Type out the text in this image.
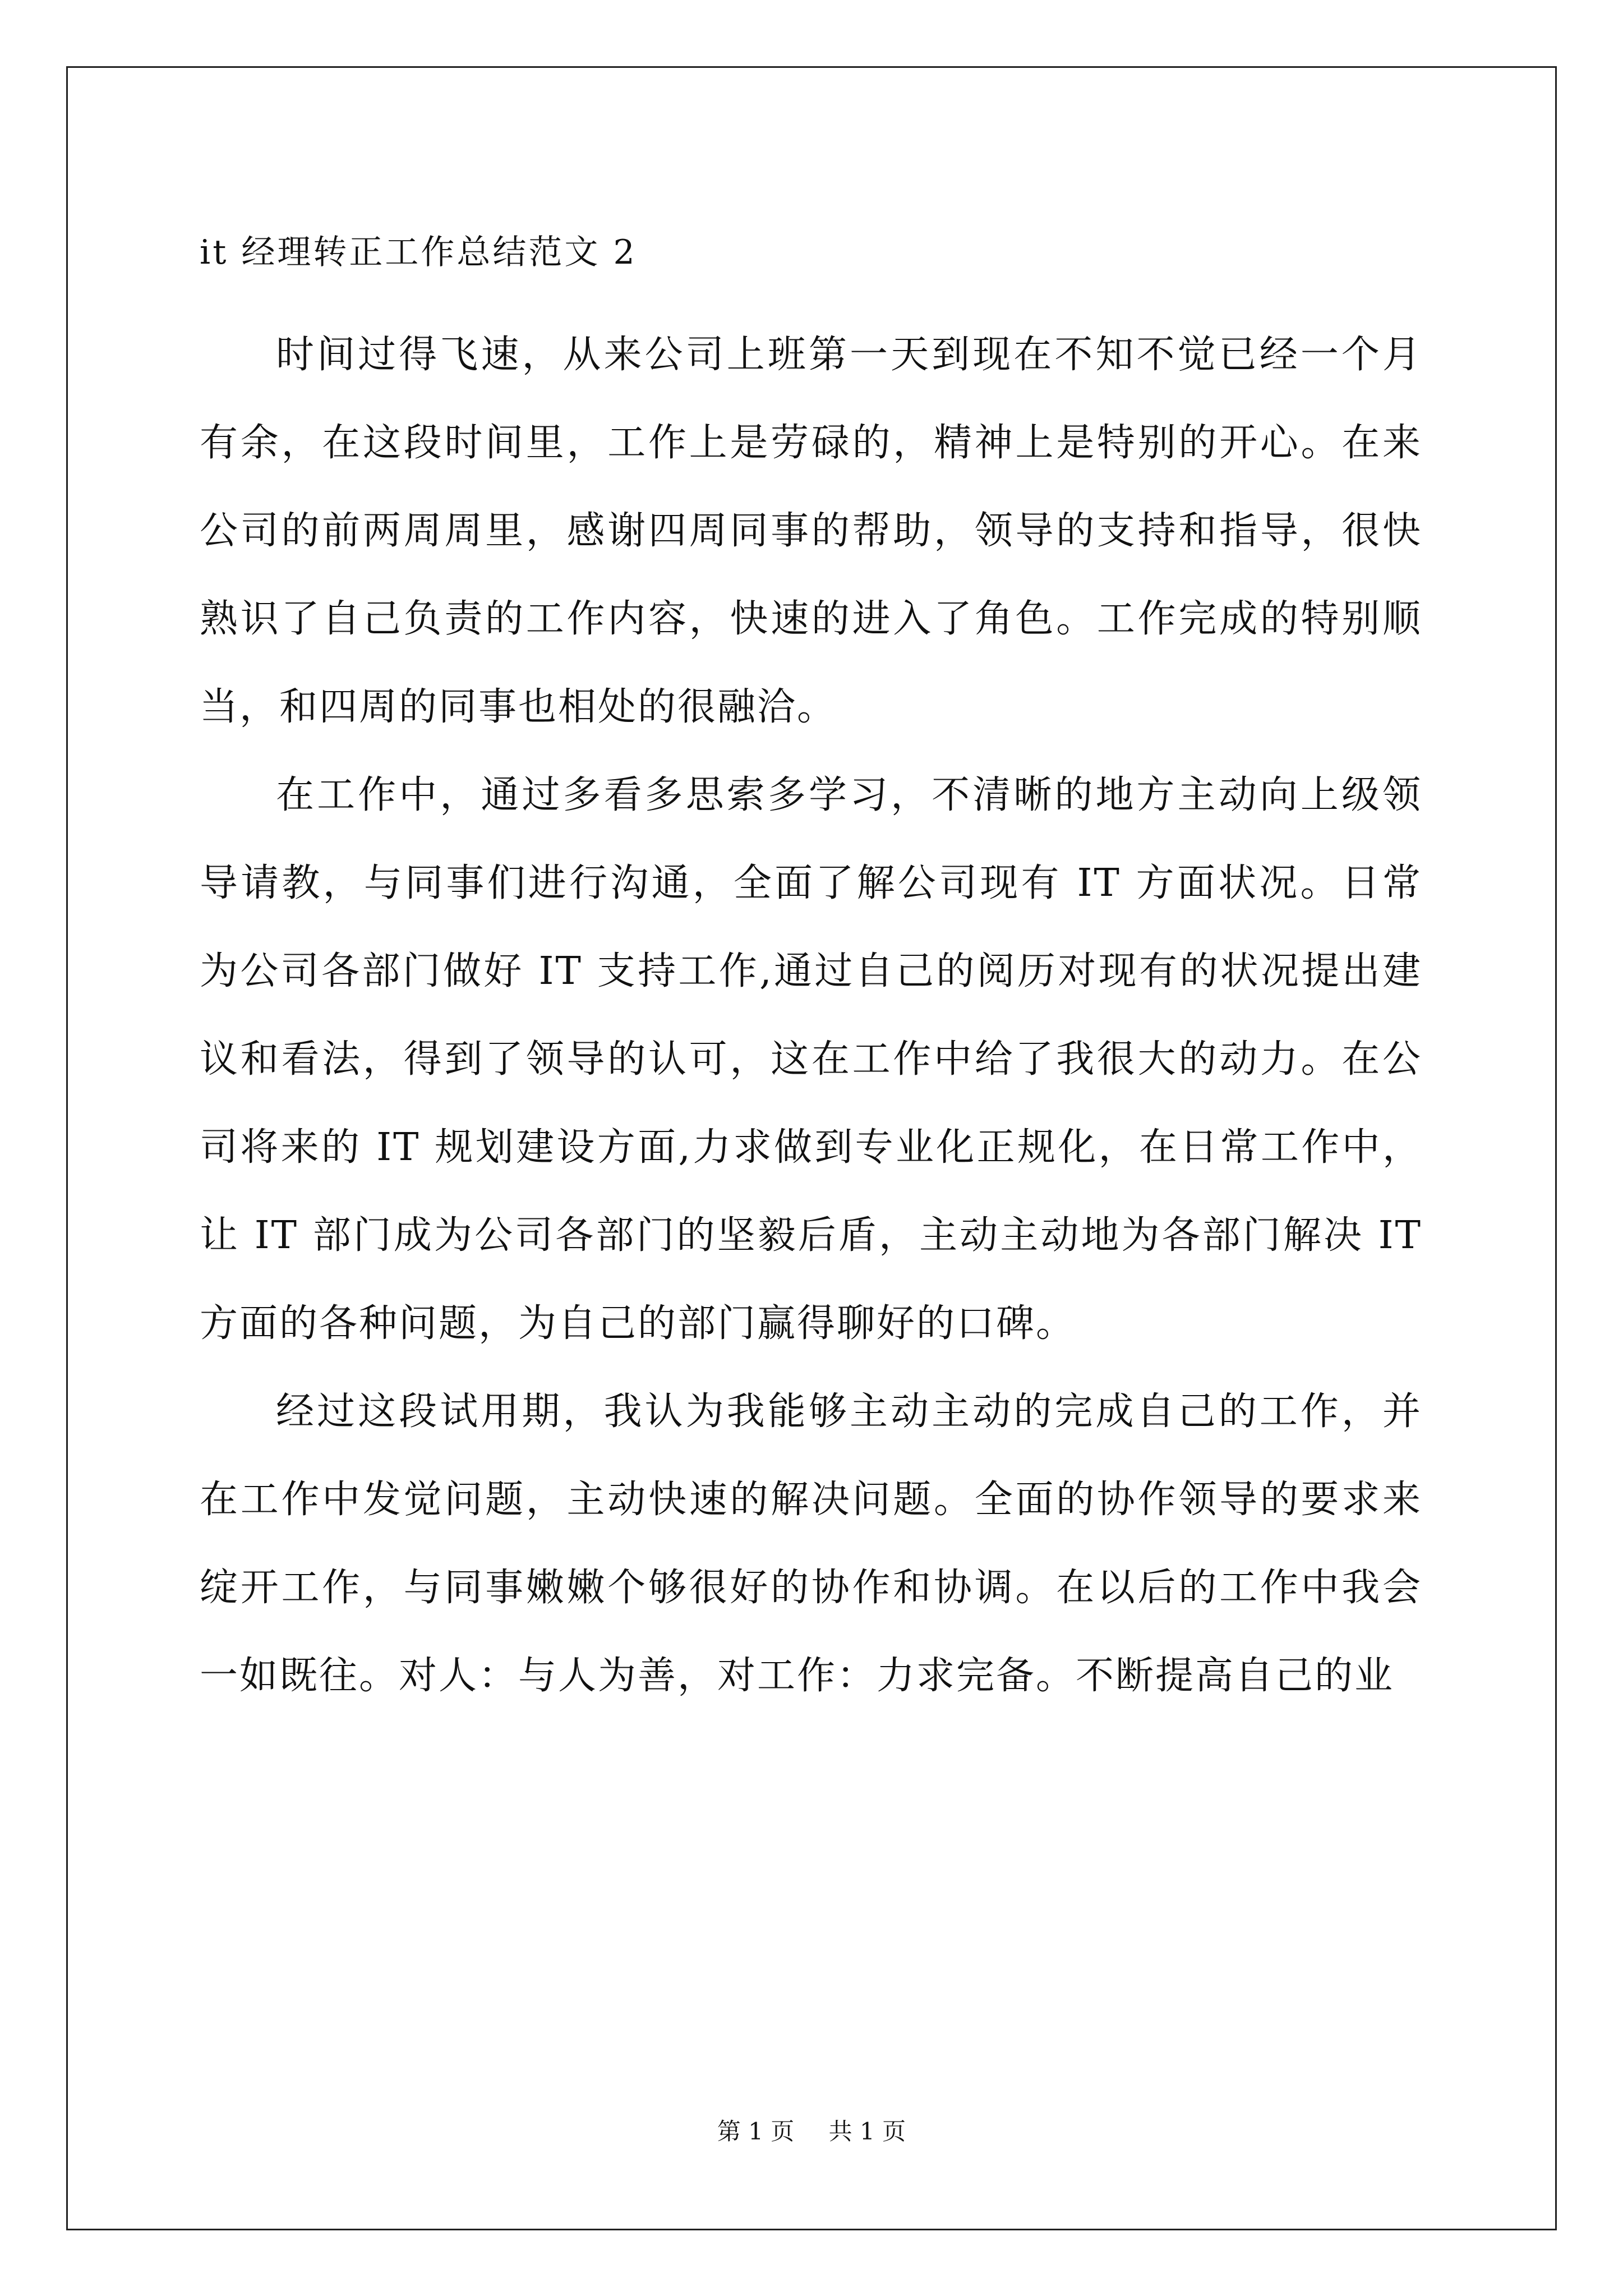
it 经理转正工作总结范文 2

时间过得飞速，从来公司上班第一天到现在不知不觉已经一个月有余，在这段时间里，工作上是劳碌的，精神上是特别的开心。在来公司的前两周周里，感谢四周同事的帮助，领导的支持和指导，很快熟识了自己负责的工作内容，快速的进入了角色。工作完成的特别顺当，和四周的同事也相处的很融洽。

在工作中，通过多看多思索多学习，不清晰的地方主动向上级领导请教，与同事们进行沟通，全面了解公司现有 IT 方面状况。日常为公司各部门做好 IT 支持工作,通过自己的阅历对现有的状况提出建议和看法，得到了领导的认可，这在工作中给了我很大的动力。在公司将来的 IT 规划建设方面,力求做到专业化正规化，在日常工作中，让 IT 部门成为公司各部门的坚毅后盾，主动主动地为各部门解决 IT 方面的各种问题，为自己的部门赢得聊好的口碑。

经过这段试用期，我认为我能够主动主动的完成自己的工作，并在工作中发觉问题，主动快速的解决问题。全面的协作领导的要求来绽开工作，与同事嫩嫩个够很好的协作和协调。在以后的工作中我会一如既往。对人：与人为善，对工作：力求完备。不断提高自己的业

第 1 页 共 1 页
